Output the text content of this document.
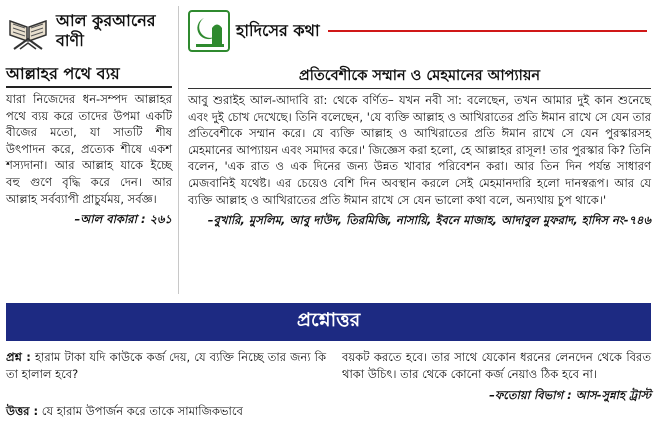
আল কুরআনের বাণী
আল্লাহর পথে ব্যয়

যারা নিজেদের ধন-সম্পদ আল্লাহর পথে ব্যয় করে তাদের উপমা একটি বীজের মতো, যা সাতটি শীষ উৎপাদন করে, প্রত্যেক শীষে একশ শস্যদানা। আর আল্লাহ যাকে ইচ্ছে বহু গুণে বৃদ্ধি করে দেন। আর আল্লাহ সর্বব্যাপী প্রাচুর্যময়, সর্বজ্ঞ।

–আল বাকারা : ২৬১
হাদিসের কথা
প্রতিবেশীকে সম্মান ও মেহমানের আপ্যায়ন

আবু শুরাইহ আল-আদাবি রা: থেকে বর্ণিত– যখন নবী সা: বলেছেন, তখন আমার দুই কান শুনেছে এবং দুই চোখ দেখেছে। তিনি বলেছেন, 'যে ব্যক্তি আল্লাহ ও আখিরাতের প্রতি ঈমান রাখে সে যেন তার প্রতিবেশীকে সম্মান করে। যে ব্যক্তি আল্লাহ ও আখিরাতের প্রতি ঈমান রাখে সে যেন পুরস্কারসহ মেহমানের আপ্যায়ন এবং সমাদর করে।' জিজ্ঞেস করা হলো, হে আল্লাহর রাসূল! তার পুরস্কার কি? তিনি বলেন, 'এক রাত ও এক দিনের জন্য উন্নত খাবার পরিবেশন করা। আর তিন দিন পর্যন্ত সাধারণ মেজবানিই যথেষ্ট। এর চেয়েও বেশি দিন অবস্থান করলে সেই মেহমানদারি হলো দানস্বরূপ। আর যে ব্যক্তি আল্লাহ ও আখিরাতের প্রতি ঈমান রাখে সে যেন ভালো কথা বলে, অন্যথায় চুপ থাকে।'

–বুখারি, মুসলিম, আবু দাউদ, তিরমিজি, নাসায়ি, ইবনে মাজাহ, আদাবুল মুফরাদ, হাদিস নং-৭৪৬
প্রশ্নোত্তর

প্রশ্ন : হারাম টাকা যদি কাউকে কর্জ দেয়, যে ব্যক্তি নিচ্ছে তার জন্য কি তা হালাল হবে?

উত্তর : যে হারাম উপার্জন করে তাকে সামাজিকভাবে

বয়কট করতে হবে। তার সাথে যেকোন ধরনের লেনদেন থেকে বিরত থাকা উচিৎ। তার থেকে কোনো কর্জ নেয়াও ঠিক হবে না।

–ফতোয়া বিভাগ : আস-সুন্নাহ ট্রাস্ট
